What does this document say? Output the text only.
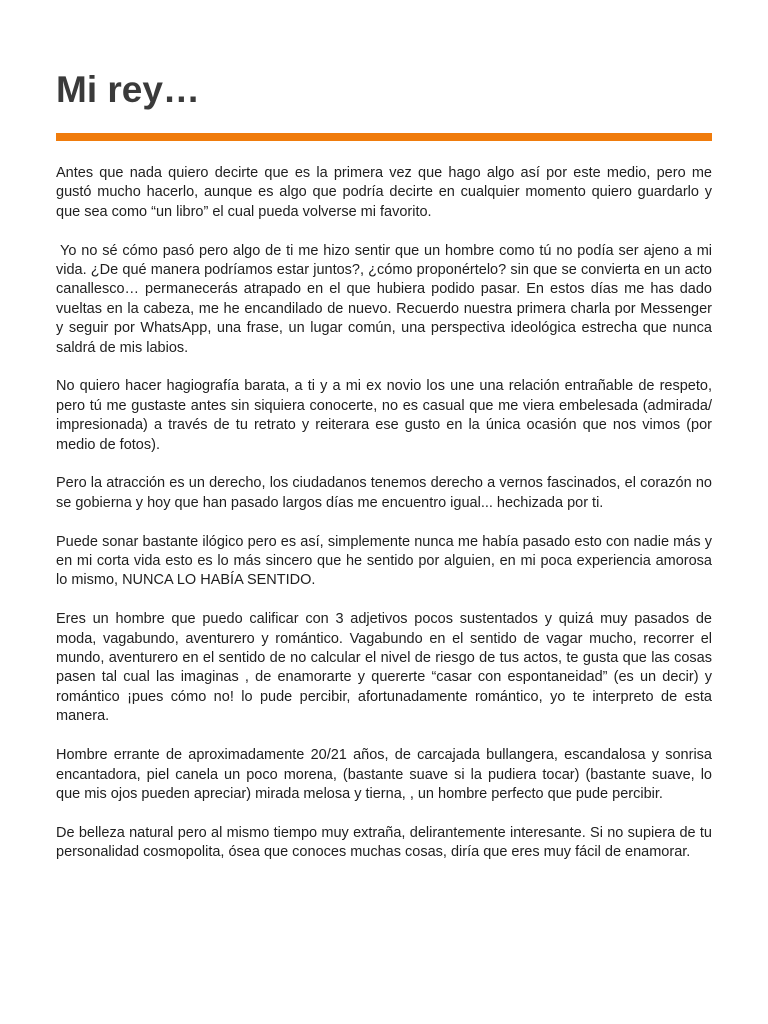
Mi rey…

Antes que nada quiero decirte que es la primera vez que hago algo así por este medio, pero me gustó mucho hacerlo, aunque es algo que podría decirte en cualquier momento quiero guardarlo y que sea como “un libro” el cual pueda volverse mi favorito.

Yo no sé cómo pasó pero algo de ti me hizo sentir que un hombre como tú no podía ser ajeno a mi vida. ¿De qué manera podríamos estar juntos?, ¿cómo proponértelo? sin que se convierta en un acto canallesco… permanecerás atrapado en el que hubiera podido pasar. En estos días me has dado vueltas en la cabeza, me he encandilado de nuevo. Recuerdo nuestra primera charla por Messenger y seguir por WhatsApp, una frase, un lugar común, una perspectiva ideológica estrecha que nunca saldrá de mis labios.

No quiero hacer hagiografía barata, a ti y a mi ex novio los une una relación entrañable de respeto, pero tú me gustaste antes sin siquiera conocerte, no es casual que me viera embelesada (admirada/ impresionada) a través de tu retrato y reiterara ese gusto en la única ocasión que nos vimos (por medio de fotos).

Pero la atracción es un derecho, los ciudadanos tenemos derecho a vernos fascinados, el corazón no se gobierna y hoy que han pasado largos días me encuentro igual... hechizada por ti.

Puede sonar bastante ilógico pero es así, simplemente nunca me había pasado esto con nadie más y en mi corta vida esto es lo más sincero que he sentido por alguien, en mi poca experiencia amorosa lo mismo, NUNCA LO HABÍA SENTIDO.

Eres un hombre que puedo calificar con 3 adjetivos pocos sustentados y quizá muy pasados de moda, vagabundo, aventurero y romántico. Vagabundo en el sentido de vagar mucho, recorrer el mundo, aventurero en el sentido de no calcular el nivel de riesgo de tus actos, te gusta que las cosas pasen tal cual las imaginas , de enamorarte y quererte “casar con espontaneidad” (es un decir) y romántico ¡pues cómo no! lo pude percibir, afortunadamente romántico, yo te interpreto de esta manera.

Hombre errante de aproximadamente 20/21 años, de carcajada bullangera, escandalosa y sonrisa encantadora, piel canela un poco morena, (bastante suave si la pudiera tocar) (bastante suave, lo que mis ojos pueden apreciar) mirada melosa y tierna, , un hombre perfecto que pude percibir.

De belleza natural pero al mismo tiempo muy extraña, delirantemente interesante. Si no supiera de tu personalidad cosmopolita, ósea que conoces muchas cosas, diría que eres muy fácil de enamorar.
